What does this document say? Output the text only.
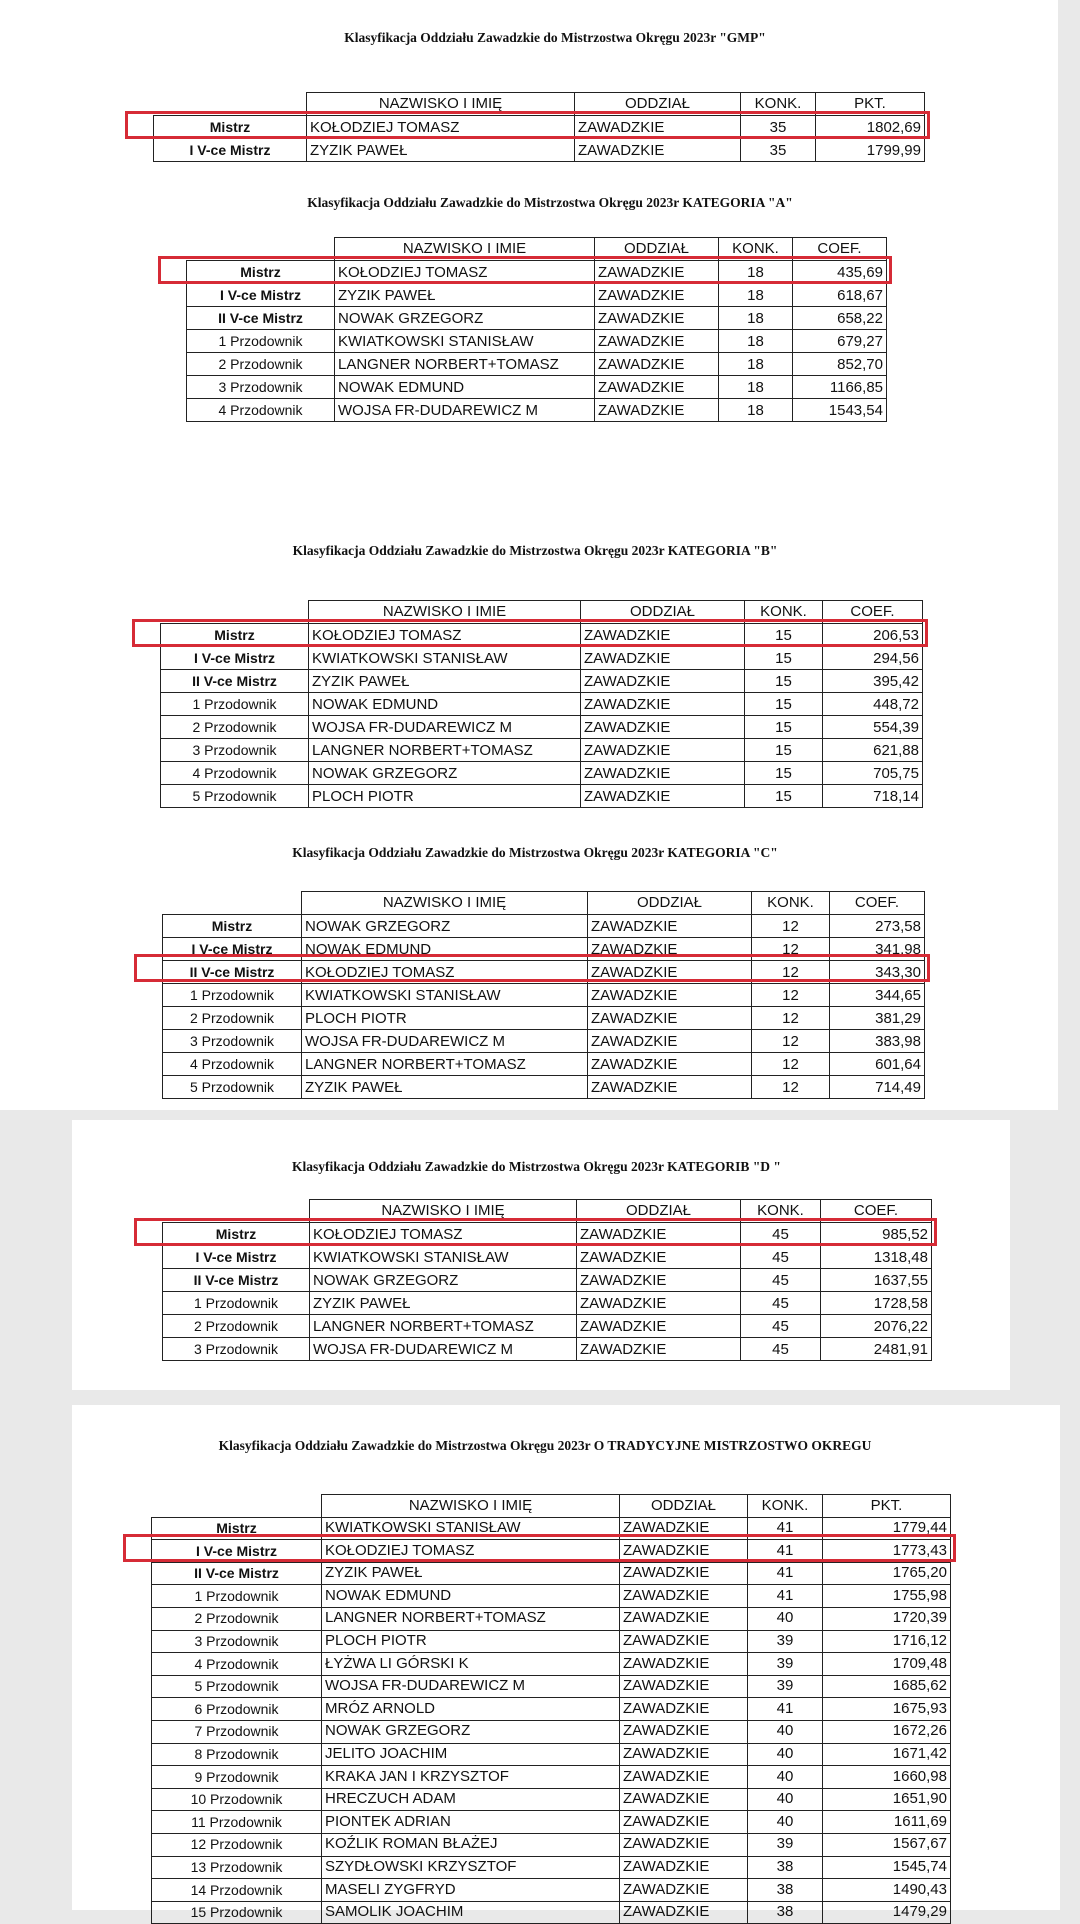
Klasyfikacja Oddziału Zawadzkie do Mistrzostwa Okręgu 2023r "GMP"
	NAZWISKO I IMIĘ	ODDZIAŁ	KONK.	PKT.
Mistrz	KOŁODZIEJ TOMASZ	ZAWADZKIE	35	1802,69
I V-ce Mistrz	ZYZIK PAWEŁ	ZAWADZKIE	35	1799,99
Klasyfikacja Oddziału Zawadzkie do Mistrzostwa Okręgu 2023r KATEGORIA "A"
	NAZWISKO I IMIE	ODDZIAŁ	KONK.	COEF.
Mistrz	KOŁODZIEJ TOMASZ	ZAWADZKIE	18	435,69
I V-ce Mistrz	ZYZIK PAWEŁ	ZAWADZKIE	18	618,67
II V-ce Mistrz	NOWAK GRZEGORZ	ZAWADZKIE	18	658,22
1 Przodownik	KWIATKOWSKI STANISŁAW	ZAWADZKIE	18	679,27
2 Przodownik	LANGNER NORBERT+TOMASZ	ZAWADZKIE	18	852,70
3 Przodownik	NOWAK EDMUND	ZAWADZKIE	18	1166,85
4 Przodownik	WOJSA FR-DUDAREWICZ M	ZAWADZKIE	18	1543,54
Klasyfikacja Oddziału Zawadzkie do Mistrzostwa Okręgu 2023r KATEGORIA "B"
	NAZWISKO I IMIE	ODDZIAŁ	KONK.	COEF.
Mistrz	KOŁODZIEJ TOMASZ	ZAWADZKIE	15	206,53
I V-ce Mistrz	KWIATKOWSKI STANISŁAW	ZAWADZKIE	15	294,56
II V-ce Mistrz	ZYZIK PAWEŁ	ZAWADZKIE	15	395,42
1 Przodownik	NOWAK EDMUND	ZAWADZKIE	15	448,72
2 Przodownik	WOJSA FR-DUDAREWICZ M	ZAWADZKIE	15	554,39
3 Przodownik	LANGNER NORBERT+TOMASZ	ZAWADZKIE	15	621,88
4 Przodownik	NOWAK GRZEGORZ	ZAWADZKIE	15	705,75
5 Przodownik	PLOCH PIOTR	ZAWADZKIE	15	718,14
Klasyfikacja Oddziału Zawadzkie do Mistrzostwa Okręgu 2023r KATEGORIA "C"
	NAZWISKO I IMIĘ	ODDZIAŁ	KONK.	COEF.
Mistrz	NOWAK GRZEGORZ	ZAWADZKIE	12	273,58
I V-ce Mistrz	NOWAK EDMUND	ZAWADZKIE	12	341,98
II V-ce Mistrz	KOŁODZIEJ TOMASZ	ZAWADZKIE	12	343,30
1 Przodownik	KWIATKOWSKI STANISŁAW	ZAWADZKIE	12	344,65
2 Przodownik	PLOCH PIOTR	ZAWADZKIE	12	381,29
3 Przodownik	WOJSA FR-DUDAREWICZ M	ZAWADZKIE	12	383,98
4 Przodownik	LANGNER NORBERT+TOMASZ	ZAWADZKIE	12	601,64
5 Przodownik	ZYZIK PAWEŁ	ZAWADZKIE	12	714,49
Klasyfikacja Oddziału Zawadzkie do Mistrzostwa Okręgu 2023r KATEGORIB "D "
	NAZWISKO I IMIĘ	ODDZIAŁ	KONK.	COEF.
Mistrz	KOŁODZIEJ TOMASZ	ZAWADZKIE	45	985,52
I V-ce Mistrz	KWIATKOWSKI STANISŁAW	ZAWADZKIE	45	1318,48
II V-ce Mistrz	NOWAK GRZEGORZ	ZAWADZKIE	45	1637,55
1 Przodownik	ZYZIK PAWEŁ	ZAWADZKIE	45	1728,58
2 Przodownik	LANGNER NORBERT+TOMASZ	ZAWADZKIE	45	2076,22
3 Przodownik	WOJSA FR-DUDAREWICZ M	ZAWADZKIE	45	2481,91
Klasyfikacja Oddziału Zawadzkie do Mistrzostwa Okręgu 2023r O TRADYCYJNE MISTRZOSTWO OKREGU
	NAZWISKO I IMIĘ	ODDZIAŁ	KONK.	PKT.
Mistrz	KWIATKOWSKI STANISŁAW	ZAWADZKIE	41	1779,44
I V-ce Mistrz	KOŁODZIEJ TOMASZ	ZAWADZKIE	41	1773,43
II V-ce Mistrz	ZYZIK PAWEŁ	ZAWADZKIE	41	1765,20
1 Przodownik	NOWAK EDMUND	ZAWADZKIE	41	1755,98
2 Przodownik	LANGNER NORBERT+TOMASZ	ZAWADZKIE	40	1720,39
3 Przodownik	PLOCH PIOTR	ZAWADZKIE	39	1716,12
4 Przodownik	ŁYŻWA LI GÓRSKI K	ZAWADZKIE	39	1709,48
5 Przodownik	WOJSA FR-DUDAREWICZ M	ZAWADZKIE	39	1685,62
6 Przodownik	MRÓZ ARNOLD	ZAWADZKIE	41	1675,93
7 Przodownik	NOWAK GRZEGORZ	ZAWADZKIE	40	1672,26
8 Przodownik	JELITO JOACHIM	ZAWADZKIE	40	1671,42
9 Przodownik	KRAKA JAN I KRZYSZTOF	ZAWADZKIE	40	1660,98
10 Przodownik	HRECZUCH ADAM	ZAWADZKIE	40	1651,90
11 Przodownik	PIONTEK ADRIAN	ZAWADZKIE	40	1611,69
12 Przodownik	KOŹLIK ROMAN BŁAŻEJ	ZAWADZKIE	39	1567,67
13 Przodownik	SZYDŁOWSKI KRZYSZTOF	ZAWADZKIE	38	1545,74
14 Przodownik	MASELI ZYGFRYD	ZAWADZKIE	38	1490,43
15 Przodownik	SAMOLIK JOACHIM	ZAWADZKIE	38	1479,29
